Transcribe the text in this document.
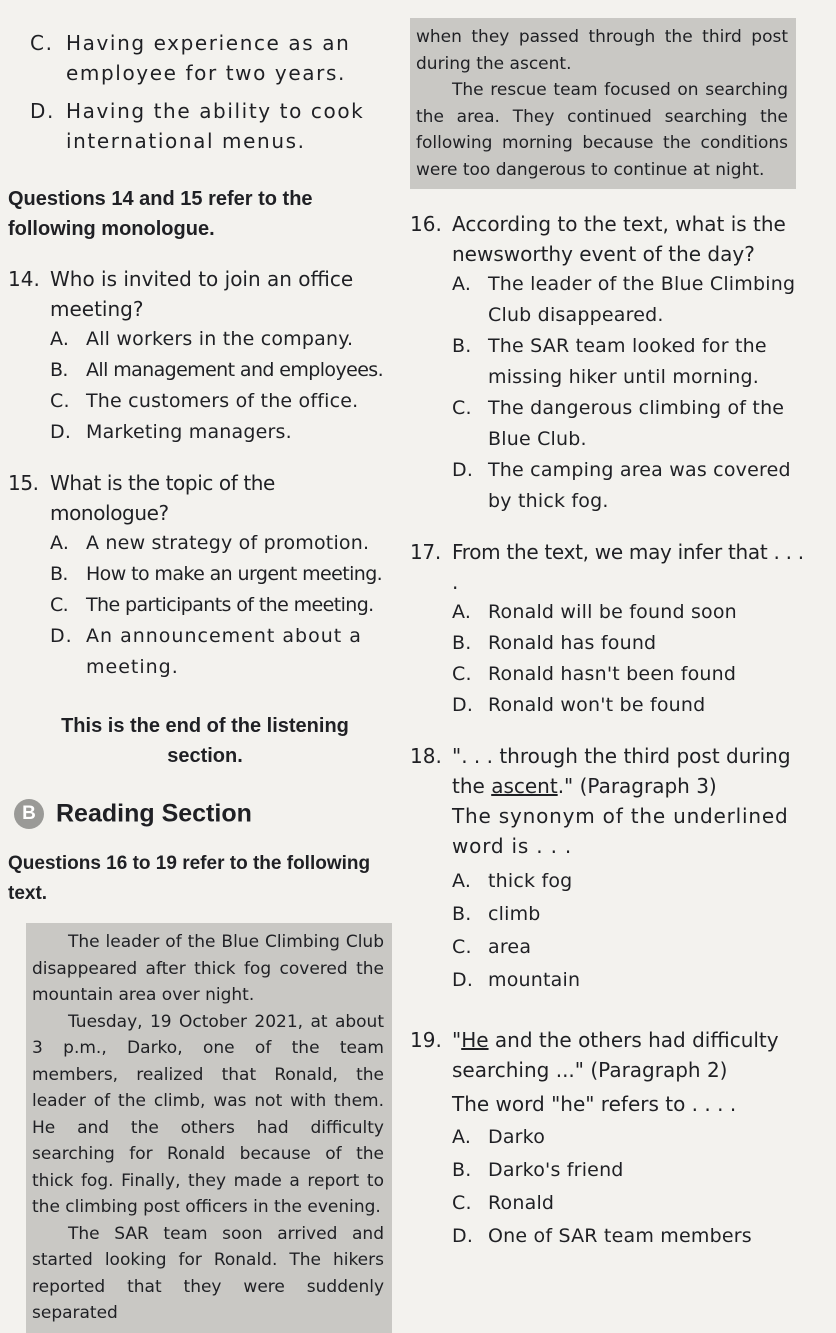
C. Having experience as an employee for two years.
D. Having the ability to cook international menus.
Questions 14 and 15 refer to the following monologue.
14. Who is invited to join an office meeting?
A. All workers in the company.
B. All management and employees.
C. The customers of the office.
D. Marketing managers.
15. What is the topic of the monologue?
A. A new strategy of promotion.
B. How to make an urgent meeting.
C. The participants of the meeting.
D. An announcement about a meeting.
This is the end of the listening section.
B Reading Section
Questions 16 to 19 refer to the following text.

The leader of the Blue Climbing Club disappeared after thick fog covered the mountain area over night.

Tuesday, 19 October 2021, at about 3 p.m., Darko, one of the team members, realized that Ronald, the leader of the climb, was not with them. He and the others had difficulty searching for Ronald because of the thick fog. Finally, they made a report to the climbing post officers in the evening.

The SAR team soon arrived and started looking for Ronald. The hikers reported that they were suddenly separated

when they passed through the third post during the ascent.

The rescue team focused on searching the area. They continued searching the following morning because the conditions were too dangerous to continue at night.

16. According to the text, what is the newsworthy event of the day?
A. The leader of the Blue Climbing Club disappeared.
B. The SAR team looked for the missing hiker until morning.
C. The dangerous climbing of the Blue Club.
D. The camping area was covered by thick fog.
17. From the text, we may infer that . . . .
A. Ronald will be found soon
B. Ronald has found
C. Ronald hasn't been found
D. Ronald won't be found
18. ". . . through the third post during the ascent." (Paragraph 3)
The synonym of the underlined word is . . .
A. thick fog
B. climb
C. area
D. mountain
19. "He and the others had difficulty searching ..." (Paragraph 2)
The word "he" refers to . . . .
A. Darko
B. Darko's friend
C. Ronald
D. One of SAR team members
